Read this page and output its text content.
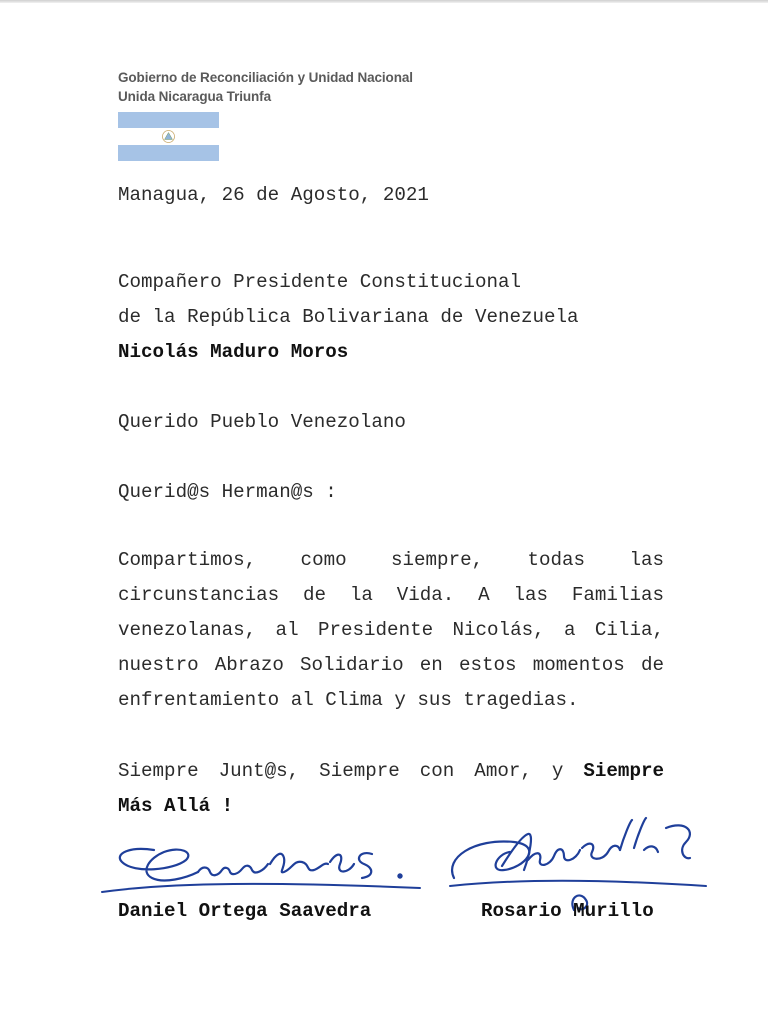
Gobierno de Reconciliación y Unidad Nacional
Unida Nicaragua Triunfa
Managua, 26 de Agosto, 2021
Compañero Presidente Constitucional
de la República Bolivariana de Venezuela
Nicolás Maduro Moros
Querido Pueblo Venezolano
Querid@s Herman@s :
Compartimos, como siempre, todas las
circunstancias de la Vida. A las Familias
venezolanas, al Presidente Nicolás, a Cilia,
nuestro Abrazo Solidario en estos momentos de
enfrentamiento al Clima y sus tragedias.
Siempre Junt@s, Siempre con Amor, y Siempre
Más Allá !
Daniel Ortega Saavedra	Rosario Murillo
